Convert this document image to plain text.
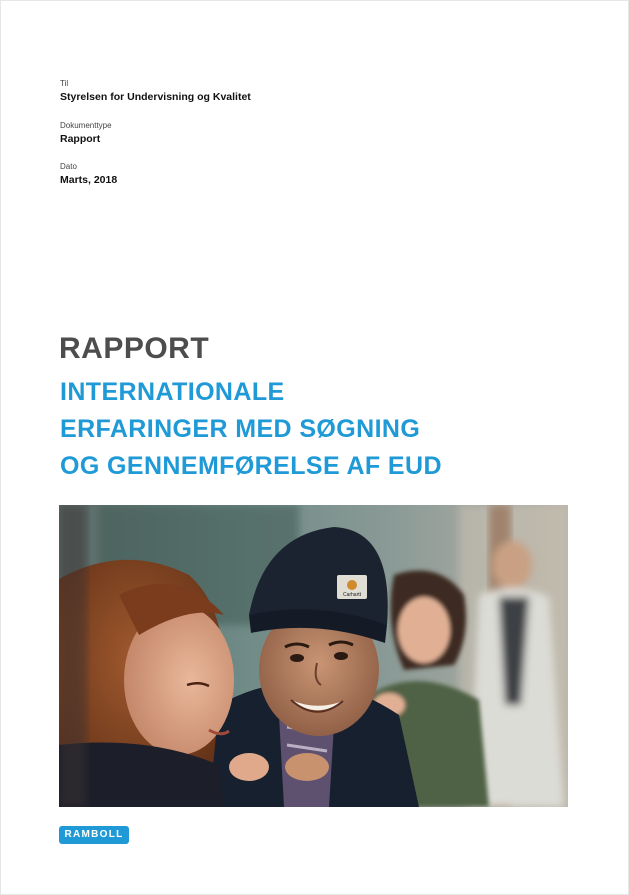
Til

Styrelsen for Undervisning og Kvalitet

Dokumenttype

Rapport

Dato

Marts, 2018

RAPPORT
INTERNATIONALE
ERFARINGER MED SØGNING
OG GENNEMFØRELSE AF EUD
Carhartt
RAMBOLL
